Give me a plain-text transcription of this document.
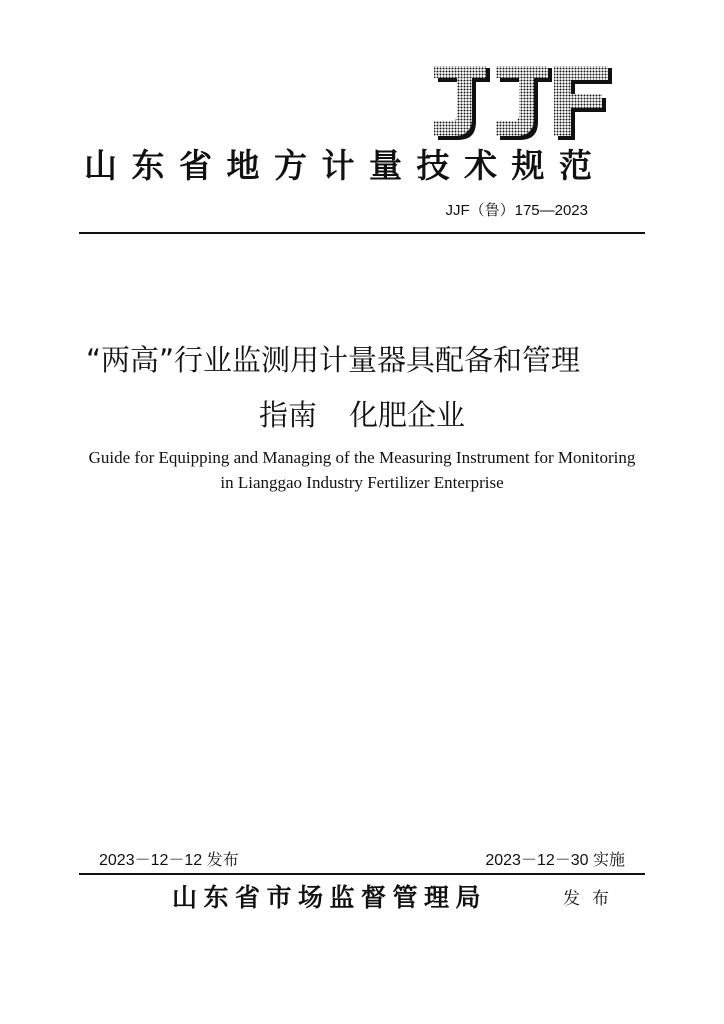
山东省地方计量技术规范
JJF（鲁）175—2023
“两高”行业监测用计量器具配备和管理
指南 化肥企业
Guide for Equipping and Managing of the Measuring Instrument for Monitoring
in Lianggao Industry Fertilizer Enterprise
2023－12－12 发布	2023－12－30 实施
山东省市场监督管理局	发布
